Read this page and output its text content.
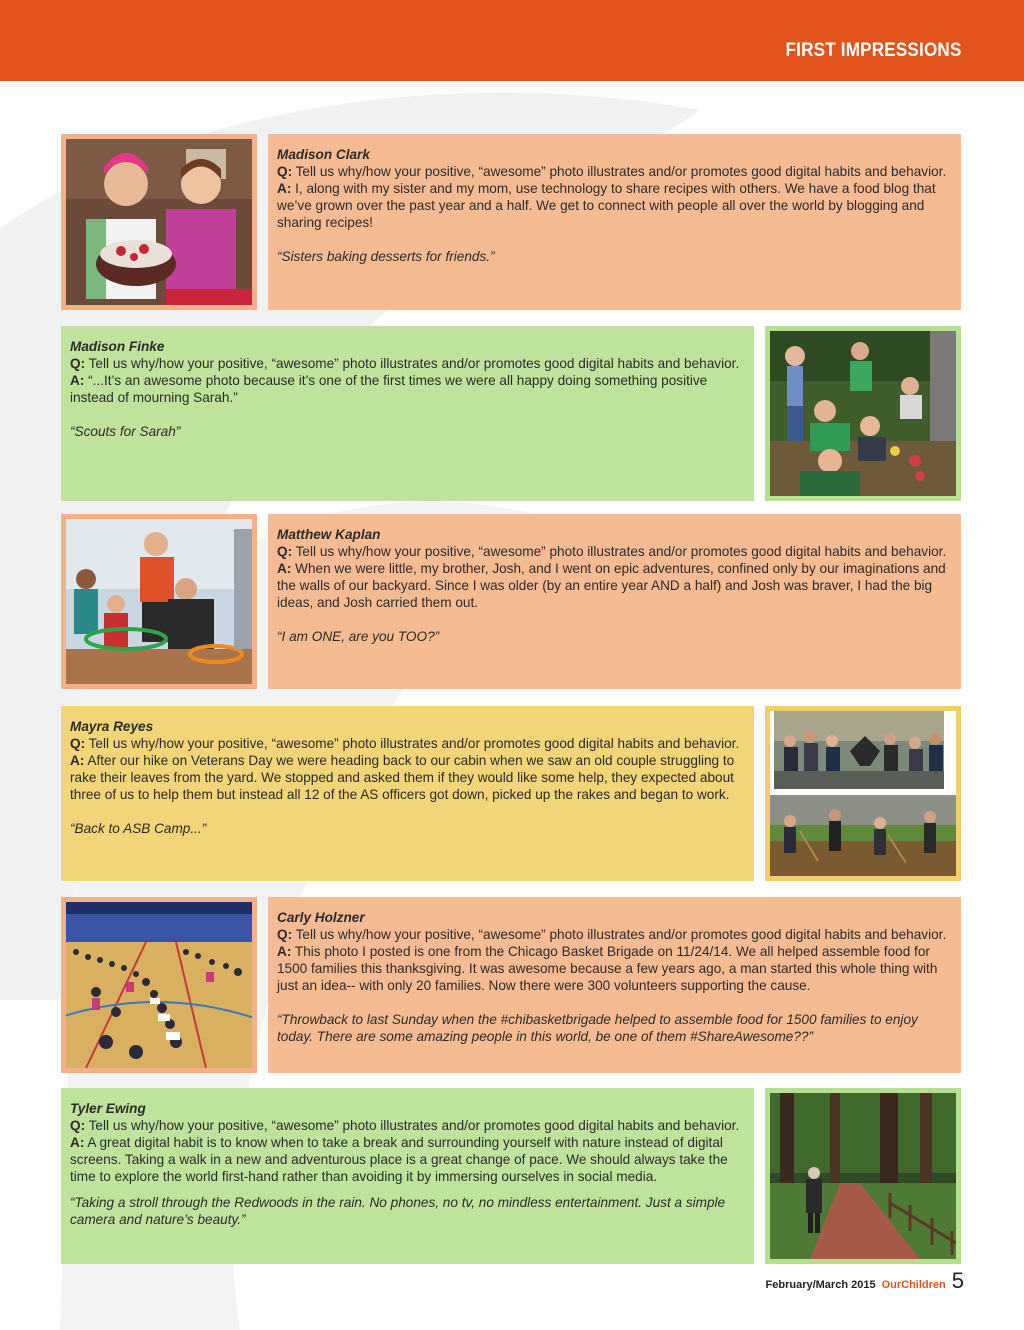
FIRST IMPRESSIONS
Madison Clark
Q: Tell us why/how your positive, “awesome” photo illustrates and/or promotes good digital habits and behavior.
A: I, along with my sister and my mom, use technology to share recipes with others. We have a food blog that we’ve grown over the past year and a half. We get to connect with people all over the world by blogging and sharing recipes!
“Sisters baking desserts for friends.”
Madison Finke
Q: Tell us why/how your positive, “awesome” photo illustrates and/or promotes good digital habits and behavior.
A: “...It’s an awesome photo because it’s one of the first times we were all happy doing something positive instead of mourning Sarah.”
“Scouts for Sarah”
Matthew Kaplan
Q: Tell us why/how your positive, “awesome” photo illustrates and/or promotes good digital habits and behavior.
A: When we were little, my brother, Josh, and I went on epic adventures, confined only by our imaginations and the walls of our backyard. Since I was older (by an entire year AND a half) and Josh was braver, I had the big ideas, and Josh carried them out.
“I am ONE, are you TOO?”
Mayra Reyes
Q: Tell us why/how your positive, “awesome” photo illustrates and/or promotes good digital habits and behavior.
A: After our hike on Veterans Day we were heading back to our cabin when we saw an old couple struggling to rake their leaves from the yard. We stopped and asked them if they would like some help, they expected about three of us to help them but instead all 12 of the AS officers got down, picked up the rakes and began to work.
“Back to ASB Camp...”
Carly Holzner
Q: Tell us why/how your positive, “awesome” photo illustrates and/or promotes good digital habits and behavior.
A: This photo I posted is one from the Chicago Basket Brigade on 11/24/14. We all helped assemble food for 1500 families this thanksgiving. It was awesome because a few years ago, a man started this whole thing with just an idea-- with only 20 families. Now there were 300 volunteers supporting the cause.
“Throwback to last Sunday when the #chibasketbrigade helped to assemble food for 1500 families to enjoy today. There are some amazing people in this world, be one of them #ShareAwesome??”
Tyler Ewing
Q: Tell us why/how your positive, “awesome” photo illustrates and/or promotes good digital habits and behavior.
A: A great digital habit is to know when to take a break and surrounding yourself with nature instead of digital screens. Taking a walk in a new and adventurous place is a great change of pace. We should always take the time to explore the world first-hand rather than avoiding it by immersing ourselves in social media.
“Taking a stroll through the Redwoods in the rain. No phones, no tv, no mindless entertainment. Just a simple camera and nature’s beauty.”
February/March 2015 OurChildren 5
